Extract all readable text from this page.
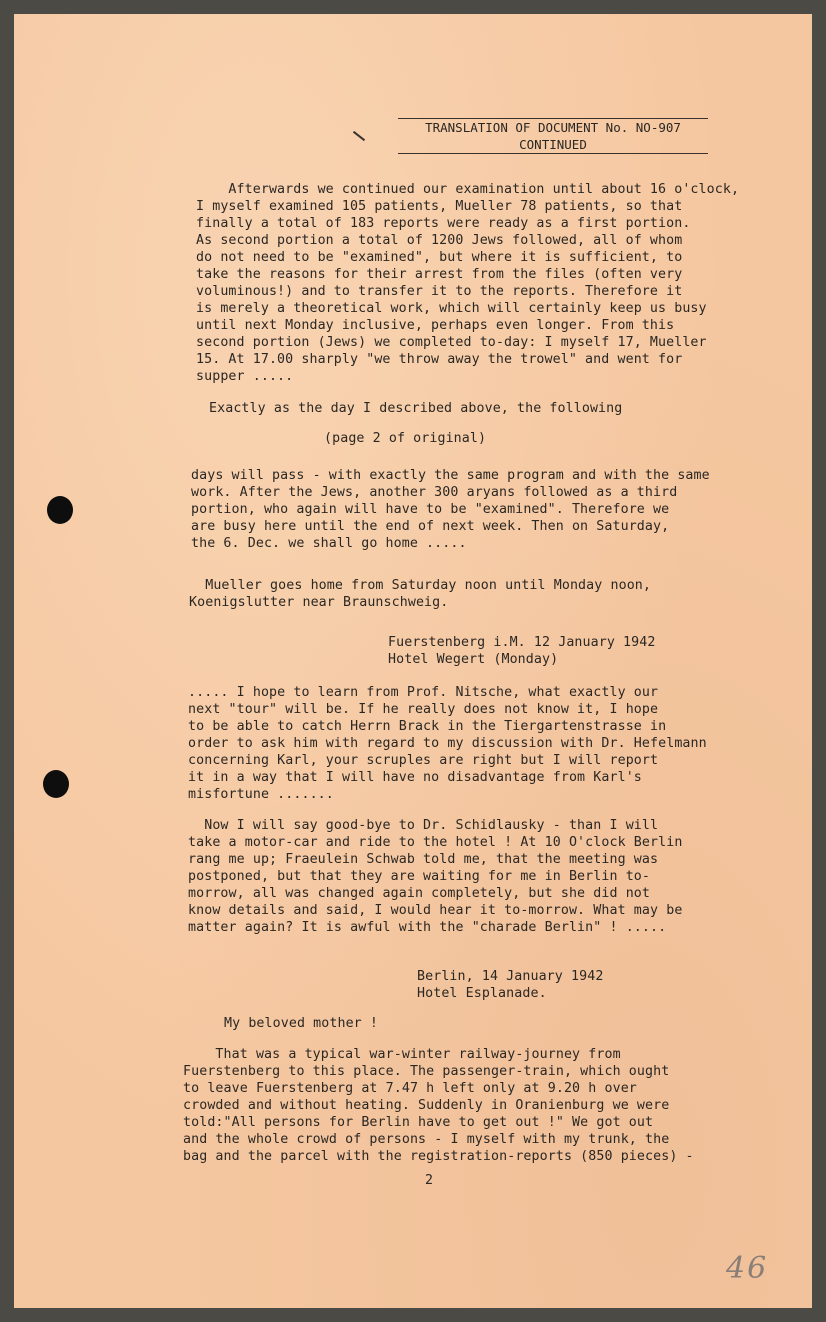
TRANSLATION OF DOCUMENT No. NO-907
CONTINUED
Afterwards we continued our examination until about 16 o'clock,
I myself examined 105 patients, Mueller 78 patients, so that
finally a total of 183 reports were ready as a first portion.
As second portion a total of 1200 Jews followed, all of whom
do not need to be "examined", but where it is sufficient, to
take the reasons for their arrest from the files (often very
voluminous!) and to transfer it to the reports. Therefore it
is merely a theoretical work, which will certainly keep us busy
until next Monday inclusive, perhaps even longer. From this
second portion (Jews) we completed to-day: I myself 17, Mueller
15. At 17.00 sharply "we throw away the trowel" and went for
supper .....
Exactly as the day I described above, the following
(page 2 of original)
days will pass - with exactly the same program and with the same
work. After the Jews, another 300 aryans followed as a third
portion, who again will have to be "examined". Therefore we
are busy here until the end of next week. Then on Saturday,
the 6. Dec. we shall go home .....
Mueller goes home from Saturday noon until Monday noon,
Koenigslutter near Braunschweig.
Fuerstenberg i.M. 12 January 1942
Hotel Wegert (Monday)
..... I hope to learn from Prof. Nitsche, what exactly our
next "tour" will be. If he really does not know it, I hope
to be able to catch Herrn Brack in the Tiergartenstrasse in
order to ask him with regard to my discussion with Dr. Hefelmann
concerning Karl, your scruples are right but I will report
it in a way that I will have no disadvantage from Karl's
misfortune .......
Now I will say good-bye to Dr. Schidlausky - than I will
take a motor-car and ride to the hotel ! At 10 O'clock Berlin
rang me up; Fraeulein Schwab told me, that the meeting was
postponed, but that they are waiting for me in Berlin to-
morrow, all was changed again completely, but she did not
know details and said, I would hear it to-morrow. What may be
matter again? It is awful with the "charade Berlin" ! .....
Berlin, 14 January 1942
Hotel Esplanade.
My beloved mother !
That was a typical war-winter railway-journey from
Fuerstenberg to this place. The passenger-train, which ought
to leave Fuerstenberg at 7.47 h left only at 9.20 h over
crowded and without heating. Suddenly in Oranienburg we were
told:"All persons for Berlin have to get out !" We got out
and the whole crowd of persons - I myself with my trunk, the
bag and the parcel with the registration-reports (850 pieces) -
2
46
